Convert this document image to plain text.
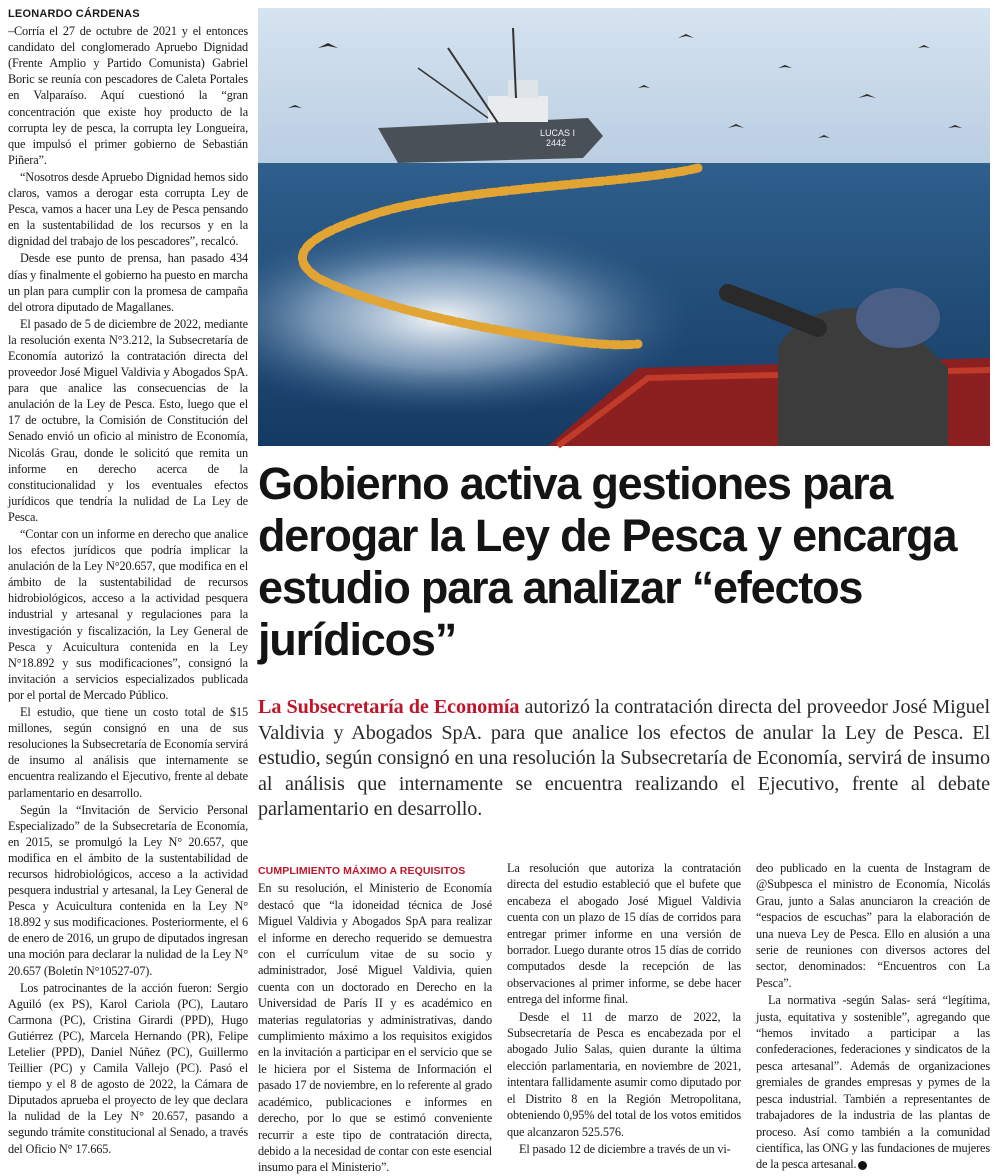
LEONARDO CÁRDENAS

–Corría el 27 de octubre de 2021 y el entonces candidato del conglomerado Apruebo Dignidad (Frente Amplio y Partido Comunista) Gabriel Boric se reunía con pescadores de Caleta Portales en Valparaíso. Aquí cuestionó la “gran concentración que existe hoy producto de la corrupta ley de pesca, la corrupta ley Longueira, que impulsó el primer gobierno de Sebastián Piñera”.

“Nosotros desde Apruebo Dignidad hemos sido claros, vamos a derogar esta corrupta Ley de Pesca, vamos a hacer una Ley de Pesca pensando en la sustentabilidad de los recursos y en la dignidad del trabajo de los pescadores”, recalcó.

Desde ese punto de prensa, han pasado 434 días y finalmente el gobierno ha puesto en marcha un plan para cumplir con la promesa de campaña del otrora diputado de Magallanes.

El pasado de 5 de diciembre de 2022, mediante la resolución exenta N°3.212, la Subsecretaría de Economía autorizó la contratación directa del proveedor José Miguel Valdivia y Abogados SpA. para que analice las consecuencias de la anulación de la Ley de Pesca. Esto, luego que el 17 de octubre, la Comisión de Constitución del Senado envió un oficio al ministro de Economía, Nicolás Grau, donde le solicitó que remita un informe en derecho acerca de la constitucionalidad y los eventuales efectos jurídicos que tendría la nulidad de La Ley de Pesca.

“Contar con un informe en derecho que analice los efectos jurídicos que podría implicar la anulación de la Ley N°20.657, que modifica en el ámbito de la sustentabilidad de recursos hidrobiológicos, acceso a la actividad pesquera industrial y artesanal y regulaciones para la investigación y fiscalización, la Ley General de Pesca y Acuicultura contenida en la Ley N°18.892 y sus modificaciones”, consignó la invitación a servicios especializados publicada por el portal de Mercado Público.

El estudio, que tiene un costo total de $15 millones, según consignó en una de sus resoluciones la Subsecretaría de Economía servirá de insumo al análisis que internamente se encuentra realizando el Ejecutivo, frente al debate parlamentario en desarrollo.

Según la “Invitación de Servicio Personal Especializado” de la Subsecretaría de Economía, en 2015, se promulgó la Ley N° 20.657, que modifica en el ámbito de la sustentabilidad de recursos hidrobiológicos, acceso a la actividad pesquera industrial y artesanal, la Ley General de Pesca y Acuicultura contenida en la Ley N° 18.892 y sus modificaciones. Posteriormente, el 6 de enero de 2016, un grupo de diputados ingresan una moción para declarar la nulidad de la Ley N° 20.657 (Boletín N°10527-07).

Los patrocinantes de la acción fueron: Sergio Aguiló (ex PS), Karol Cariola (PC), Lautaro Carmona (PC), Cristina Girardi (PPD), Hugo Gutiérrez (PC), Marcela Hernando (PR), Felipe Letelier (PPD), Daniel Núñez (PC), Guillermo Teillier (PC) y Camila Vallejo (PC). Pasó el tiempo y el 8 de agosto de 2022, la Cámara de Diputados aprueba el proyecto de ley que declara la nulidad de la Ley N° 20.657, pasando a segundo trámite constitucional al Senado, a través del Oficio N° 17.665.

LUCAS I
2442
Gobierno activa gestiones para derogar la Ley de Pesca y encarga estudio para analizar “efectos jurídicos”
La Subsecretaría de Economía autorizó la contratación directa del proveedor José Miguel Valdivia y Abogados SpA. para que analice los efectos de anular la Ley de Pesca. El estudio, según consignó en una resolución la Subsecretaría de Economía, servirá de insumo al análisis que internamente se encuentra realizando el Ejecutivo, frente al debate parlamentario en desarrollo.
CUMPLIMIENTO MÁXIMO A REQUISITOS

En su resolución, el Ministerio de Economía destacó que “la idoneidad técnica de José Miguel Valdivia y Abogados SpA para realizar el informe en derecho requerido se demuestra con el currículum vitae de su socio y administrador, José Miguel Valdivia, quien cuenta con un doctorado en Derecho en la Universidad de París II y es académico en materias regulatorias y administrativas, dando cumplimiento máximo a los requisitos exigidos en la invitación a participar en el servicio que se le hiciera por el Sistema de Información el pasado 17 de noviembre, en lo referente al grado académico, publicaciones e informes en derecho, por lo que se estimó conveniente recurrir a este tipo de contratación directa, debido a la necesidad de contar con este esencial insumo para el Ministerio”.

La resolución que autoriza la contratación directa del estudio estableció que el bufete que encabeza el abogado José Miguel Valdivia cuenta con un plazo de 15 días de corridos para entregar primer informe en una versión de borrador. Luego durante otros 15 días de corrido computados desde la recepción de las observaciones al primer informe, se debe hacer entrega del informe final.

Desde el 11 de marzo de 2022, la Subsecretaría de Pesca es encabezada por el abogado Julio Salas, quien durante la última elección parlamentaria, en noviembre de 2021, intentara fallidamente asumir como diputado por el Distrito 8 en la Región Metropolitana, obteniendo 0,95% del total de los votos emitidos que alcanzaron 525.576.

El pasado 12 de diciembre a través de un vi-

deo publicado en la cuenta de Instagram de @Subpesca el ministro de Economía, Nicolás Grau, junto a Salas anunciaron la creación de “espacios de escuchas” para la elaboración de una nueva Ley de Pesca. Ello en alusión a una serie de reuniones con diversos actores del sector, denominados: “Encuentros con La Pesca”.

La normativa -según Salas- será “legítima, justa, equitativa y sostenible”, agregando que “hemos invitado a participar a las confederaciones, federaciones y sindicatos de la pesca artesanal”. Además de organizaciones gremiales de grandes empresas y pymes de la pesca industrial. También a representantes de trabajadores de la industria de las plantas de proceso. Así como también a la comunidad científica, las ONG y las fundaciones de mujeres de la pesca artesanal.
